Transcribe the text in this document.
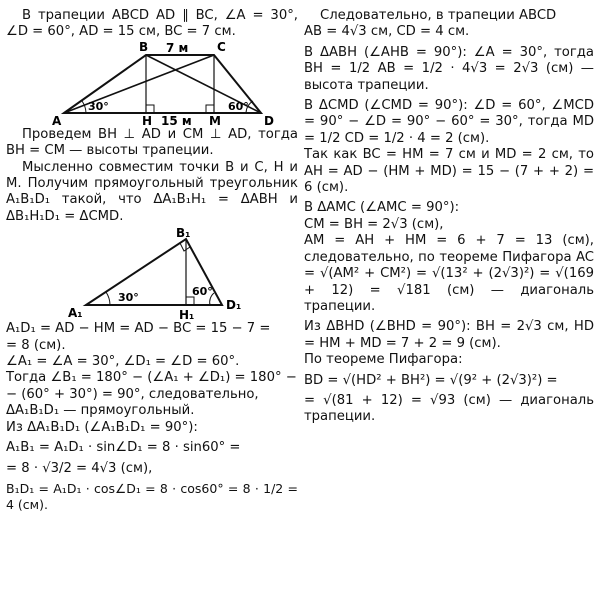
В трапеции ABCD AD ∥ BC, ∠A = 30°, ∠D = 60°, AD = 15 см, BC = 7 см.

B	C
A	D
H	M
7 м
15 м
30°	60°

Проведем BH ⊥ AD и CM ⊥ AD, тогда BH = CM — высоты трапеции.

Мысленно совместим точки B и C, H и M. Получим прямоугольный треугольник A₁B₁D₁ такой, что ΔA₁B₁H₁ = ΔABH и ΔB₁H₁D₁ = ΔCMD.

B₁
A₁
D₁
H₁
30°	60°

A₁D₁ = AD − HM = AD − BC = 15 − 7 =

= 8 (см).

∠A₁ = ∠A = 30°, ∠D₁ = ∠D = 60°.

Тогда ∠B₁ = 180° − (∠A₁ + ∠D₁) = 180° −

− (60° + 30°) = 90°, следовательно,

ΔA₁B₁D₁ — прямоугольный.

Из ΔA₁B₁D₁ (∠A₁B₁D₁ = 90°):

A₁B₁ = A₁D₁ · sin∠D₁ = 8 · sin60° =

= 8 · √3/2 = 4√3 (см),

B₁D₁ = A₁D₁ · cos∠D₁ = 8 · cos60° = 8 · 1/2 = 4 (см).

Следовательно, в трапеции ABCD

AB = 4√3 см, CD = 4 см.

В ΔABH (∠AHB = 90°): ∠A = 30°, тогда BH = 1/2 AB = 1/2 · 4√3 = 2√3 (см) — высота трапеции.

В ΔCMD (∠CMD = 90°): ∠D = 60°, ∠MCD = 90° − ∠D = 90° − 60° = 30°, тогда MD = 1/2 CD = 1/2 · 4 = 2 (см).

Так как BC = HM = 7 см и MD = 2 см, то AH = AD − (HM + MD) = 15 − (7 + + 2) = 6 (см).

В ΔAMC (∠AMC = 90°):

CM = BH = 2√3 (см),

AM = AH + HM = 6 + 7 = 13 (см), следовательно, по теореме Пифагора AC = √(AM² + CM²) = √(13² + (2√3)²) = √(169 + 12) = √181 (см) — диагональ трапеции.

Из ΔBHD (∠BHD = 90°): BH = 2√3 см, HD = HM + MD = 7 + 2 = 9 (см).

По теореме Пифагора:

BD = √(HD² + BH²) = √(9² + (2√3)²) =

= √(81 + 12) = √93 (см) — диагональ трапеции.
